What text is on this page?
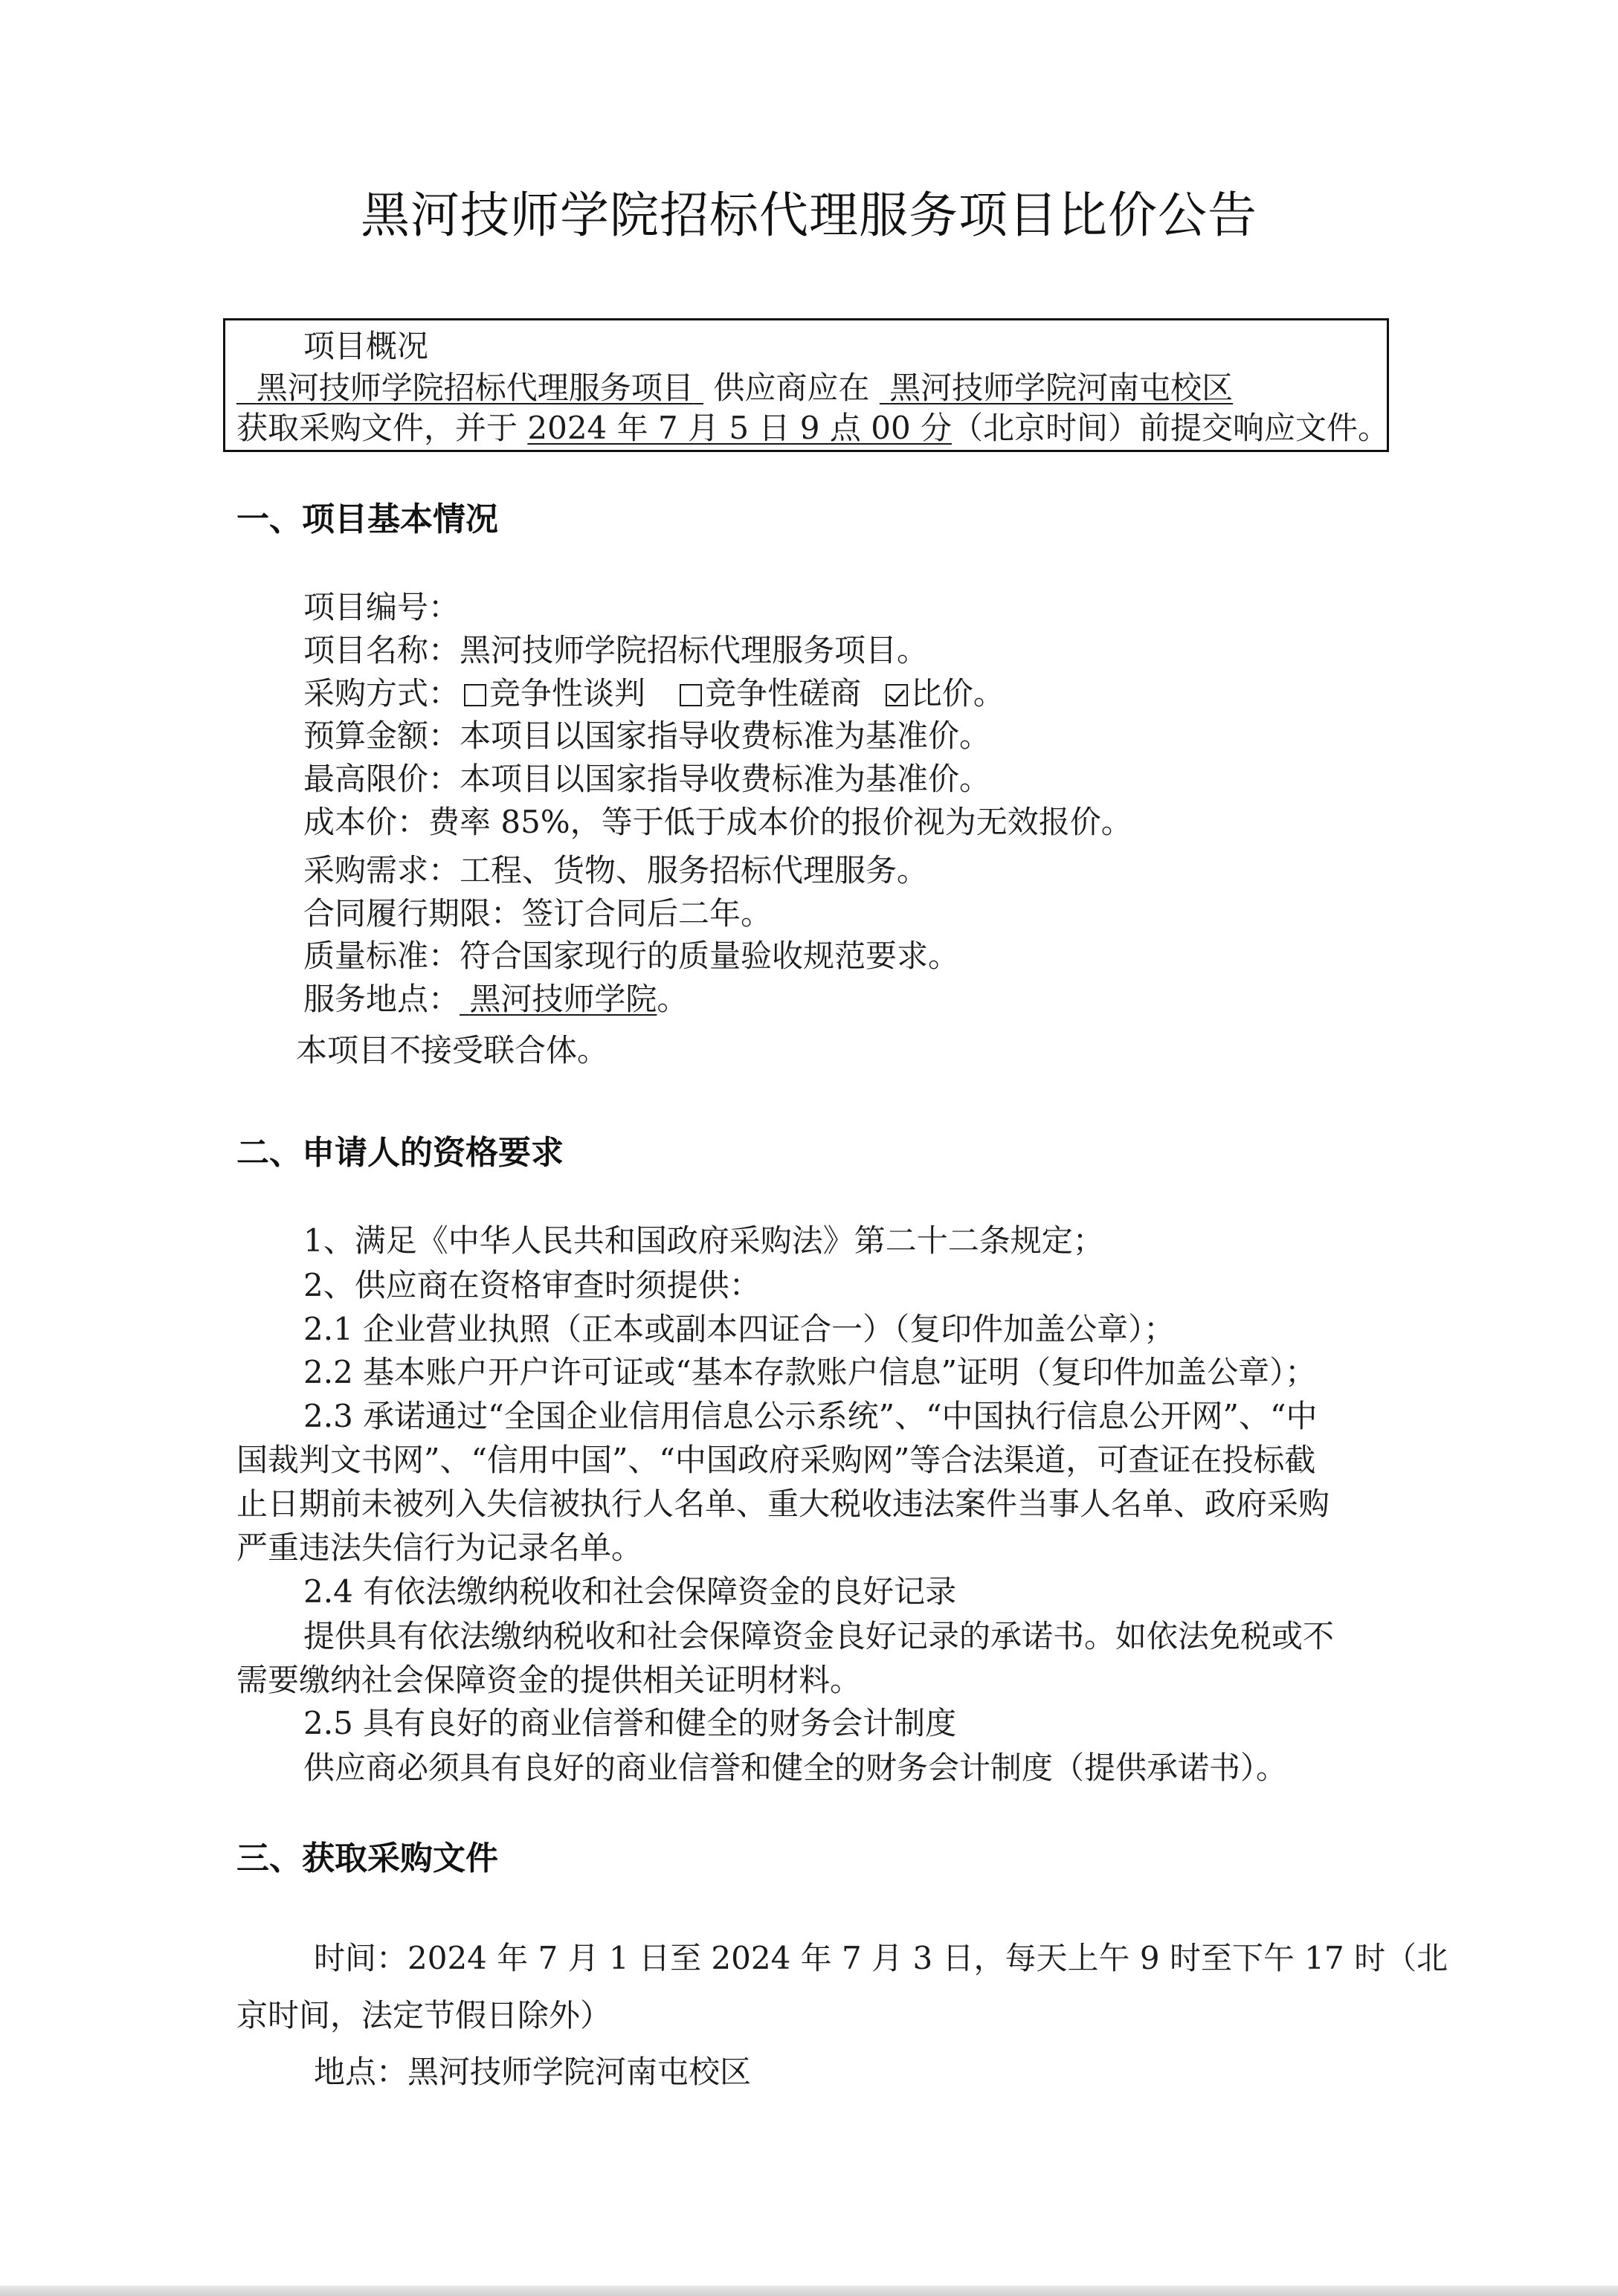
黑河技师学院招标代理服务项目比价公告
项目概况
黑河技师学院招标代理服务项目 供应商应在 黑河技师学院河南屯校区
获取采购文件，并于 2024 年 7 月 5 日 9 点 00 分（北京时间）前提交响应文件。
一、项目基本情况
项目编号：
项目名称：黑河技师学院招标代理服务项目。
采购方式： 竞争性谈判 竞争性磋商 比价。
预算金额：本项目以国家指导收费标准为基准价。
最高限价：本项目以国家指导收费标准为基准价。
成本价：费率 85%，等于低于成本价的报价视为无效报价。
采购需求：工程、货物、服务招标代理服务。
合同履行期限：签订合同后二年。
质量标准：符合国家现行的质量验收规范要求。
服务地点： 黑河技师学院。
本项目不接受联合体。
二、申请人的资格要求
1、满足《中华人民共和国政府采购法》第二十二条规定；
2、供应商在资格审查时须提供：
2.1 企业营业执照（正本或副本四证合一）（复印件加盖公章）；
2.2 基本账户开户许可证或“基本存款账户信息”证明（复印件加盖公章）；
2.3 承诺通过“全国企业信用信息公示系统”、“中国执行信息公开网”、“中
国裁判文书网”、“信用中国”、“中国政府采购网”等合法渠道，可查证在投标截
止日期前未被列入失信被执行人名单、重大税收违法案件当事人名单、政府采购
严重违法失信行为记录名单。
2.4 有依法缴纳税收和社会保障资金的良好记录
提供具有依法缴纳税收和社会保障资金良好记录的承诺书。如依法免税或不
需要缴纳社会保障资金的提供相关证明材料。
2.5 具有良好的商业信誉和健全的财务会计制度
供应商必须具有良好的商业信誉和健全的财务会计制度（提供承诺书）。
三、获取采购文件
时间：2024 年 7 月 1 日至 2024 年 7 月 3 日，每天上午 9 时至下午 17 时（北
京时间，法定节假日除外）
地点：黑河技师学院河南屯校区
